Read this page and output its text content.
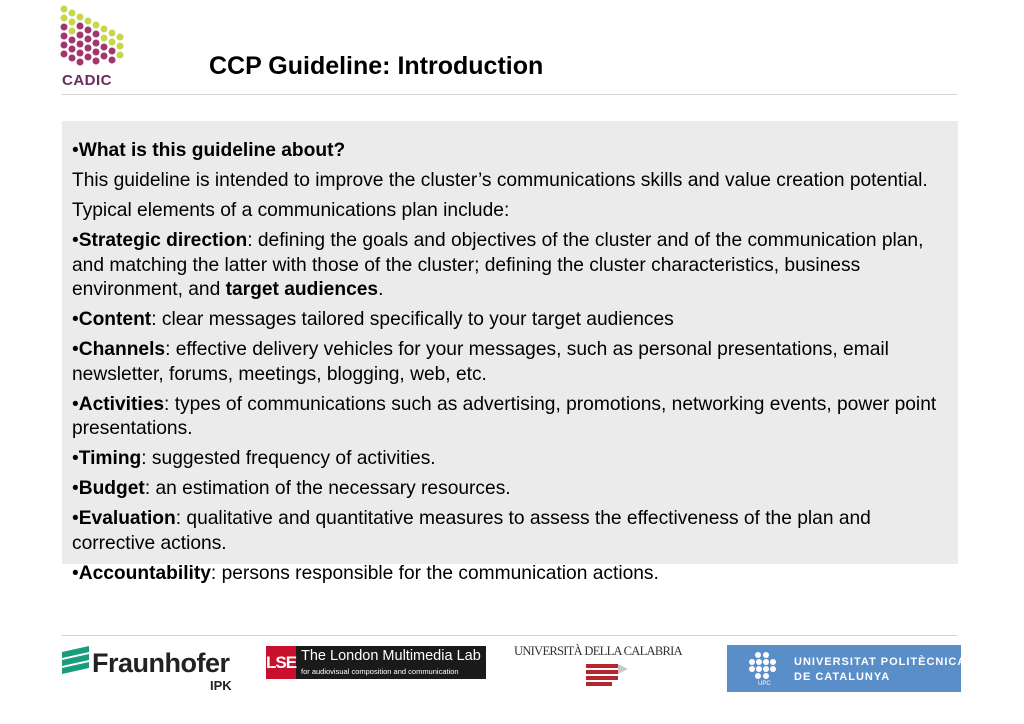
CADIC
CCP Guideline: Introduction

•What is this guideline about?

This guideline is intended to improve the cluster’s communications skills and value creation potential.

Typical elements of a communications plan include:

•Strategic direction: defining the goals and objectives of the cluster and of the communication plan, and matching the latter with those of the cluster; defining the cluster characteristics, business environment, and target audiences.

•Content: clear messages tailored specifically to your target audiences

•Channels: effective delivery vehicles for your messages, such as personal presentations, email newsletter, forums, meetings, blogging, web, etc.

•Activities: types of communications such as advertising, promotions, networking events, power point presentations.

•Timing: suggested frequency of activities.

•Budget: an estimation of the necessary resources.

•Evaluation: qualitative and quantitative measures to assess the effectiveness of the plan and corrective actions.

•Accountability: persons responsible for the communication actions.

Fraunhofer
IPK
LSE The London Multimedia Lab
for audiovisual composition and communication
UNIVERSITÀ DELLA CALABRIA
UPC
UNIVERSITAT POLITÈCNICA
DE CATALUNYA
